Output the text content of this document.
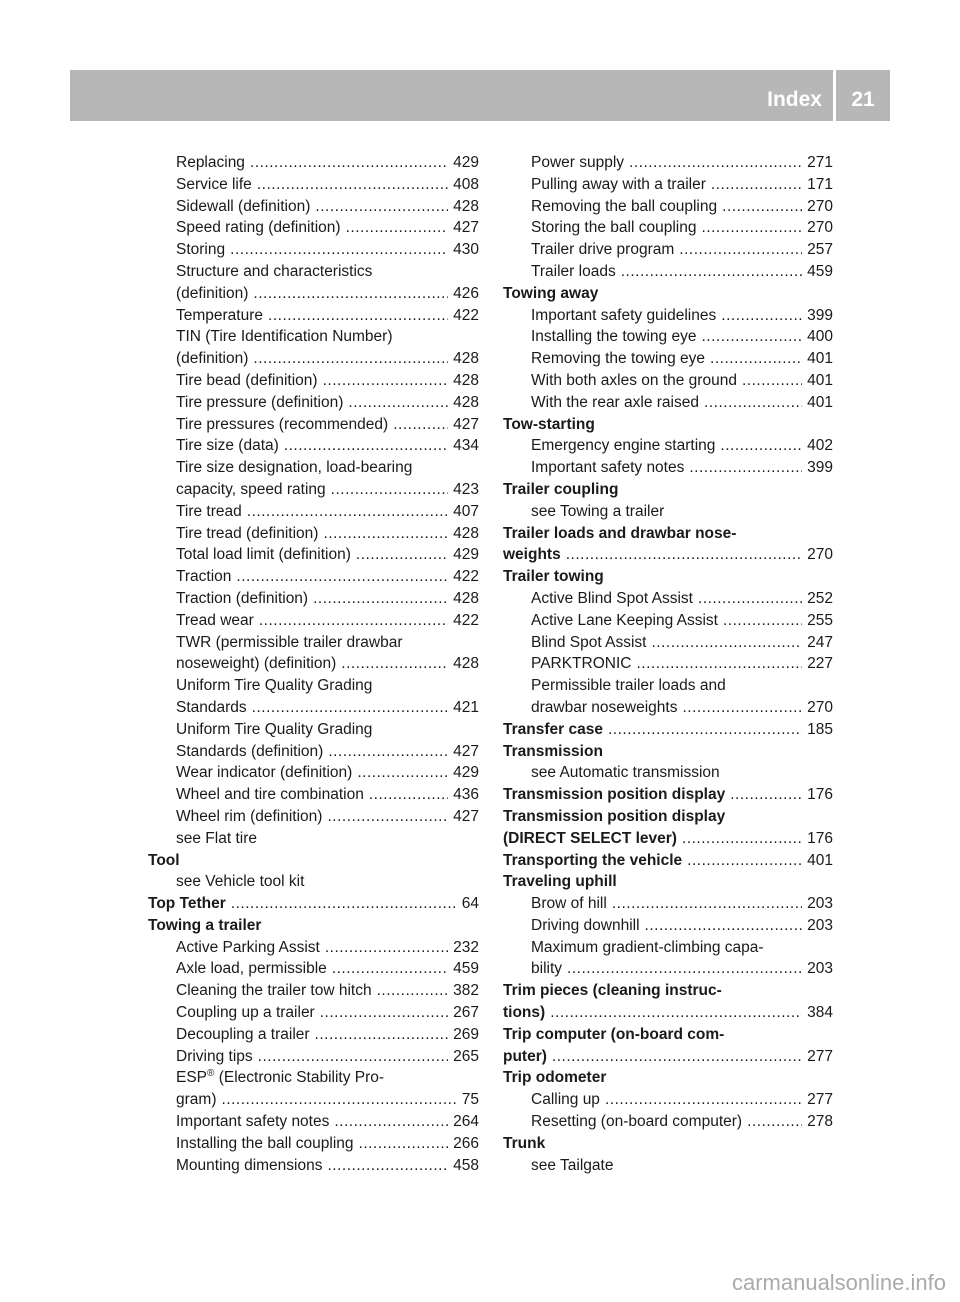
Index	21
Replacing . . .	429
Service life . . .	408
Sidewall (definition) . . .	428
Speed rating (definition) . . .	427
Storing . . .	430
Structure and characteristics
(definition) . . .	426
Temperature . . .	422
TIN (Tire Identification Number)
(definition) . . .	428
Tire bead (definition) . . .	428
Tire pressure (definition) . . .	428
Tire pressures (recommended) . . .	427
Tire size (data) . . .	434
Tire size designation, load-bearing
capacity, speed rating . . .	423
Tire tread . . .	407
Tire tread (definition) . . .	428
Total load limit (definition) . . .	429
Traction . . .	422
Traction (definition) . . .	428
Tread wear . . .	422
TWR (permissible trailer drawbar
noseweight) (definition) . . .	428
Uniform Tire Quality Grading
Standards . . .	421
Uniform Tire Quality Grading
Standards (definition) . . .	427
Wear indicator (definition) . . .	429
Wheel and tire combination . . .	436
Wheel rim (definition) . . .	427
see Flat tire
Tool
see Vehicle tool kit
Top Tether . . .	64
Towing a trailer
Active Parking Assist . . .	232
Axle load, permissible . . .	459
Cleaning the trailer tow hitch . . .	382
Coupling up a trailer . . .	267
Decoupling a trailer . . .	269
Driving tips . . .	265
ESP® (Electronic Stability Pro-
gram) . . .	75
Important safety notes . . .	264
Installing the ball coupling . . .	266
Mounting dimensions . . .	458
Power supply . . .	271
Pulling away with a trailer . . .	171
Removing the ball coupling . . .	270
Storing the ball coupling . . .	270
Trailer drive program . . .	257
Trailer loads . . .	459
Towing away
Important safety guidelines . . .	399
Installing the towing eye . . .	400
Removing the towing eye . . .	401
With both axles on the ground . . .	401
With the rear axle raised . . .	401
Tow-starting
Emergency engine starting . . .	402
Important safety notes . . .	399
Trailer coupling
see Towing a trailer
Trailer loads and drawbar nose-
weights . . .	270
Trailer towing
Active Blind Spot Assist . . .	252
Active Lane Keeping Assist . . .	255
Blind Spot Assist . . .	247
PARKTRONIC . . .	227
Permissible trailer loads and
drawbar noseweights . . .	270
Transfer case . . .	185
Transmission
see Automatic transmission
Transmission position display . . .	176
Transmission position display
(DIRECT SELECT lever) . . .	176
Transporting the vehicle . . .	401
Traveling uphill
Brow of hill . . .	203
Driving downhill . . .	203
Maximum gradient-climbing capa-
bility . . .	203
Trim pieces (cleaning instruc-
tions) . . .	384
Trip computer (on-board com-
puter) . . .	277
Trip odometer
Calling up . . .	277
Resetting (on-board computer) . . .	278
Trunk
see Tailgate
carmanualsonline.info
